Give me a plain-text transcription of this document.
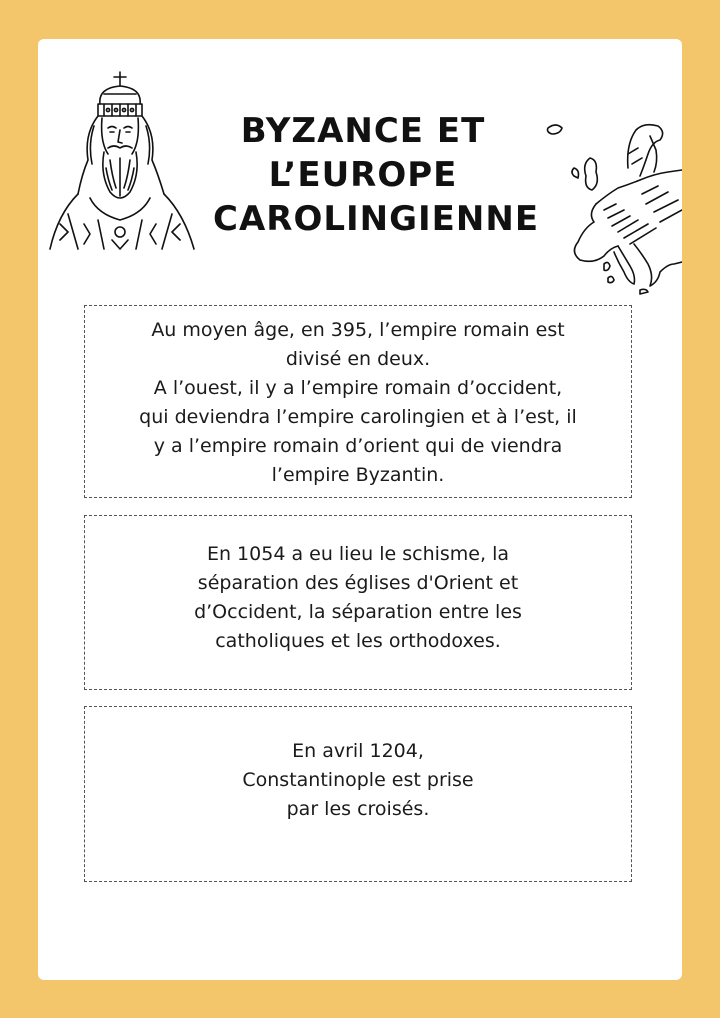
BYZANCE ET
L’EUROPE
CAROLINGIENNE

Au moyen âge, en 395, l’empire romain est

divisé en deux.

A l’ouest, il y a l’empire romain d’occident,

qui deviendra l’empire carolingien et à l’est, il

y a l’empire romain d’orient qui de viendra

l’empire Byzantin.

En 1054 a eu lieu le schisme, la

séparation des églises d'Orient et

d’Occident, la séparation entre les

catholiques et les orthodoxes.

En avril 1204,

Constantinople est prise

par les croisés.
